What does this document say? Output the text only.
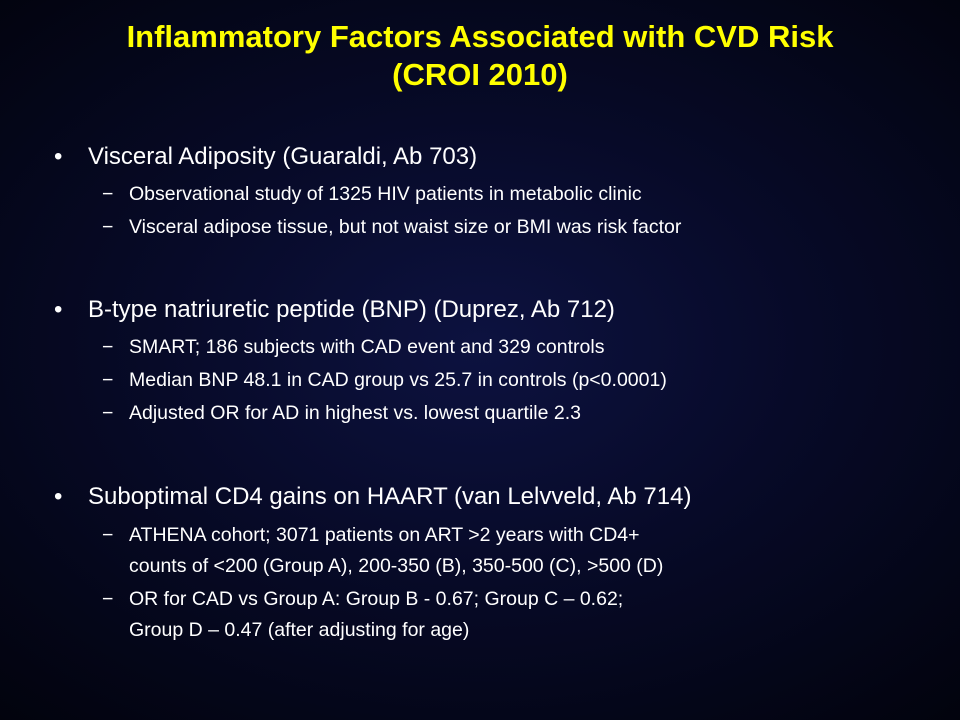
Inflammatory Factors Associated with CVD Risk
(CROI 2010)
• Visceral Adiposity (Guaraldi, Ab 703)
− Observational study of 1325 HIV patients in metabolic clinic
− Visceral adipose tissue, but not waist size or BMI was risk factor
• B-type natriuretic peptide (BNP) (Duprez, Ab 712)
− SMART; 186 subjects with CAD event and 329 controls
− Median BNP 48.1 in CAD group vs 25.7 in controls (p<0.0001)
− Adjusted OR for AD in highest vs. lowest quartile 2.3
• Suboptimal CD4 gains on HAART (van Lelvveld, Ab 714)
− ATHENA cohort; 3071 patients on ART >2 years with CD4+
counts of <200 (Group A), 200-350 (B), 350-500 (C), >500 (D)
− OR for CAD vs Group A: Group B - 0.67; Group C – 0.62;
Group D – 0.47 (after adjusting for age)
